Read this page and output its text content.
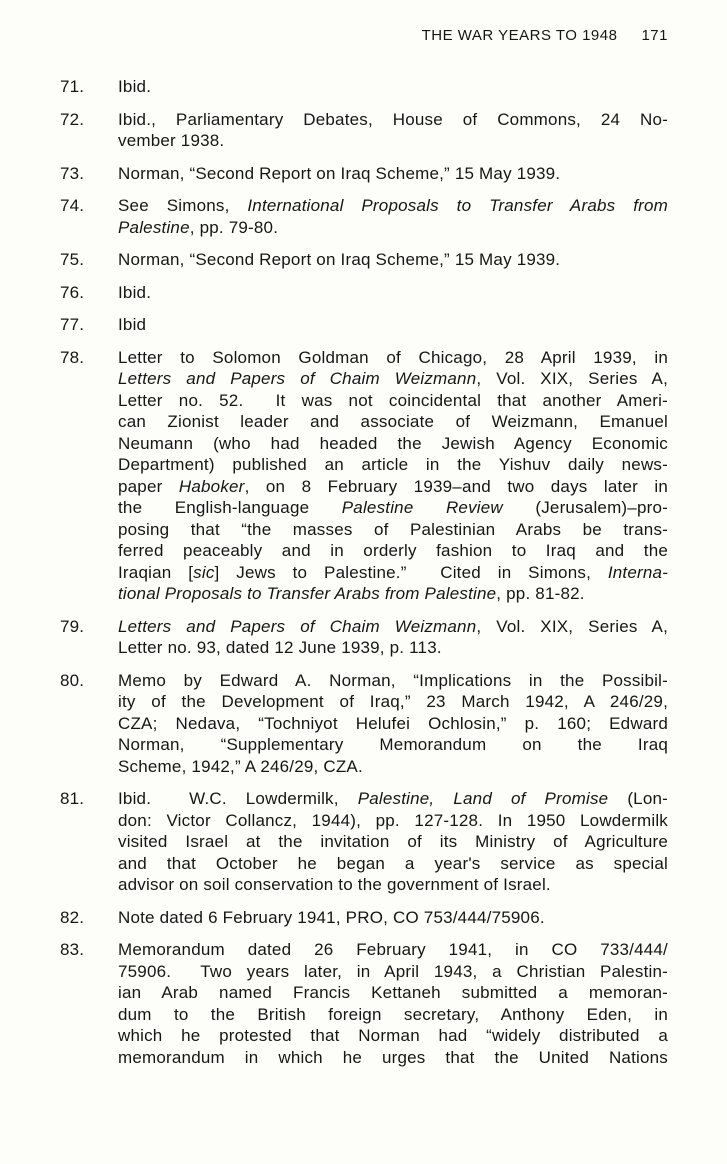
THE WAR YEARS TO 1948 171
71.	Ibid.
72.	Ibid., Parliamentary Debates, House of Commons, 24 No-
vember 1938.
73.	Norman, “Second Report on Iraq Scheme,” 15 May 1939.
74.	See Simons, International Proposals to Transfer Arabs from
Palestine, pp. 79-80.
75.	Norman, “Second Report on Iraq Scheme,” 15 May 1939.
76.	Ibid.
77.	Ibid
78.	Letter to Solomon Goldman of Chicago, 28 April 1939, in
Letters and Papers of Chaim Weizmann, Vol. XIX, Series A,
Letter no. 52.  It was not coincidental that another Ameri-
can Zionist leader and associate of Weizmann, Emanuel
Neumann (who had headed the Jewish Agency Economic
Department) published an article in the Yishuv daily news-
paper Haboker, on 8 February 1939–and two days later in
the English-language Palestine Review (Jerusalem)–pro-
posing that “the masses of Palestinian Arabs be trans-
ferred peaceably and in orderly fashion to Iraq and the
Iraqian [sic] Jews to Palestine.”  Cited in Simons, Interna-
tional Proposals to Transfer Arabs from Palestine, pp. 81-82.
79.	Letters and Papers of Chaim Weizmann, Vol. XIX, Series A,
Letter no. 93, dated 12 June 1939, p. 113.
80.	Memo by Edward A. Norman, “Implications in the Possibil-
ity of the Development of Iraq,” 23 March 1942, A 246/29,
CZA; Nedava, “Tochniyot Helufei Ochlosin,” p. 160; Edward
Norman, “Supplementary Memorandum on the Iraq
Scheme, 1942,” A 246/29, CZA.
81.	Ibid.  W.C. Lowdermilk, Palestine, Land of Promise (Lon-
don: Victor Collancz, 1944), pp. 127-128. In 1950 Lowdermilk
visited Israel at the invitation of its Ministry of Agriculture
and that October he began a year's service as special
advisor on soil conservation to the government of Israel.
82.	Note dated 6 February 1941, PRO, CO 753/444/75906.
83.	Memorandum dated 26 February 1941, in CO 733/444/
75906.  Two years later, in April 1943, a Christian Palestin-
ian Arab named Francis Kettaneh submitted a memoran-
dum to the British foreign secretary, Anthony Eden, in
which he protested that Norman had “widely distributed a
memorandum in which he urges that the United Nations
